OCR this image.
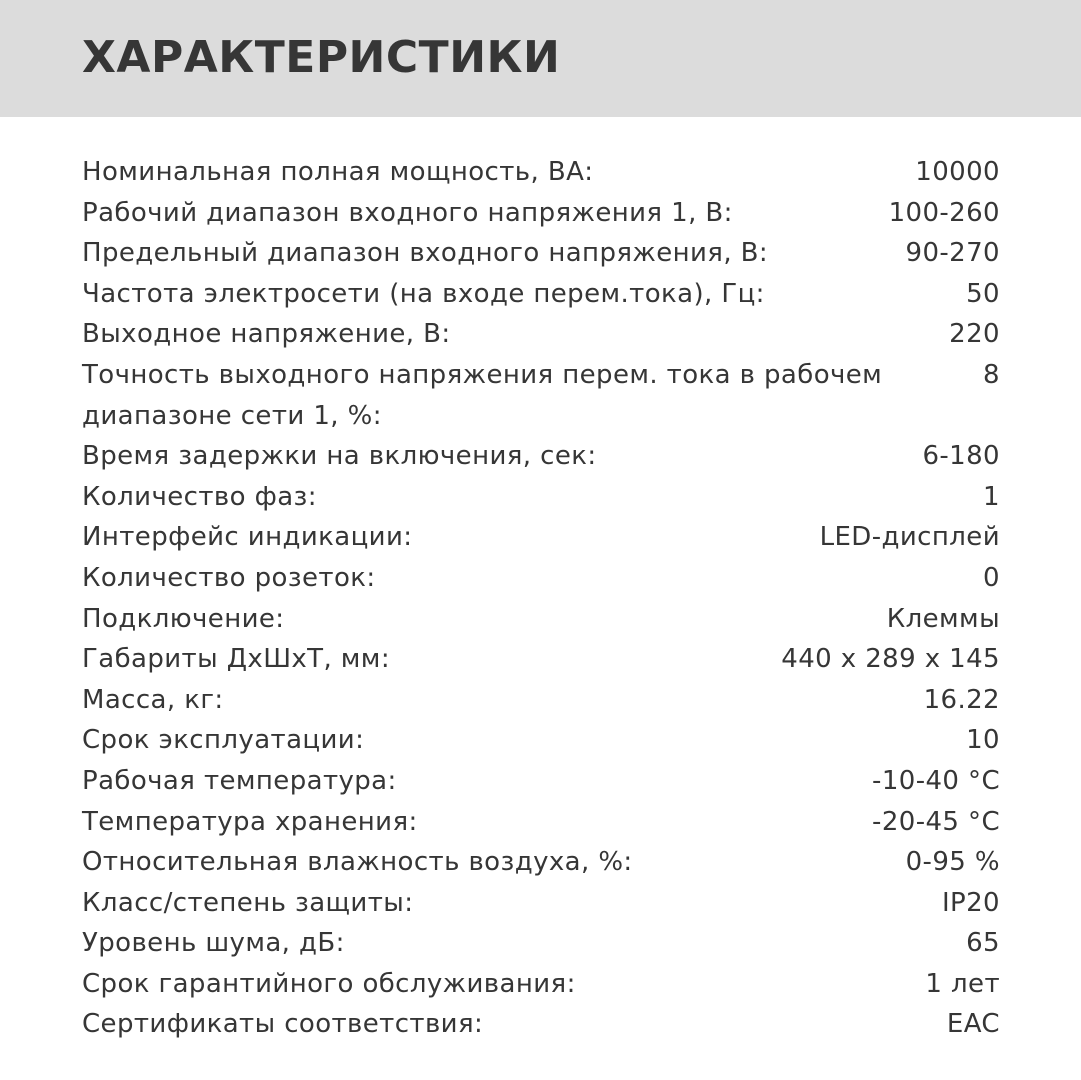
ХАРАКТЕРИСТИКИ
Номинальная полная мощность, ВА:	10000
Рабочий диапазон входного напряжения 1, В:	100-260
Предельный диапазон входного напряжения, В:	90-270
Частота электросети (на входе перем.тока), Гц:	50
Выходное напряжение, В:	220
Точность выходного напряжения перем. тока в рабочем диапазоне сети 1, %:
8
Время задержки на включения, сек:	6-180
Количество фаз:	1
Интерфейс индикации:	LED-дисплей
Количество розеток:	0
Подключение:	Клеммы
Габариты ДхШхТ, мм:	440 х 289 х 145
Масса, кг:	16.22
Срок эксплуатации:	10
Рабочая температура:	-10-40 °C
Температура хранения:	-20-45 °C
Относительная влажность воздуха, %:	0-95 %
Класс/степень защиты:	IP20
Уровень шума, дБ:	65
Срок гарантийного обслуживания:	1 лет
Сертификаты соответствия:	EAC
